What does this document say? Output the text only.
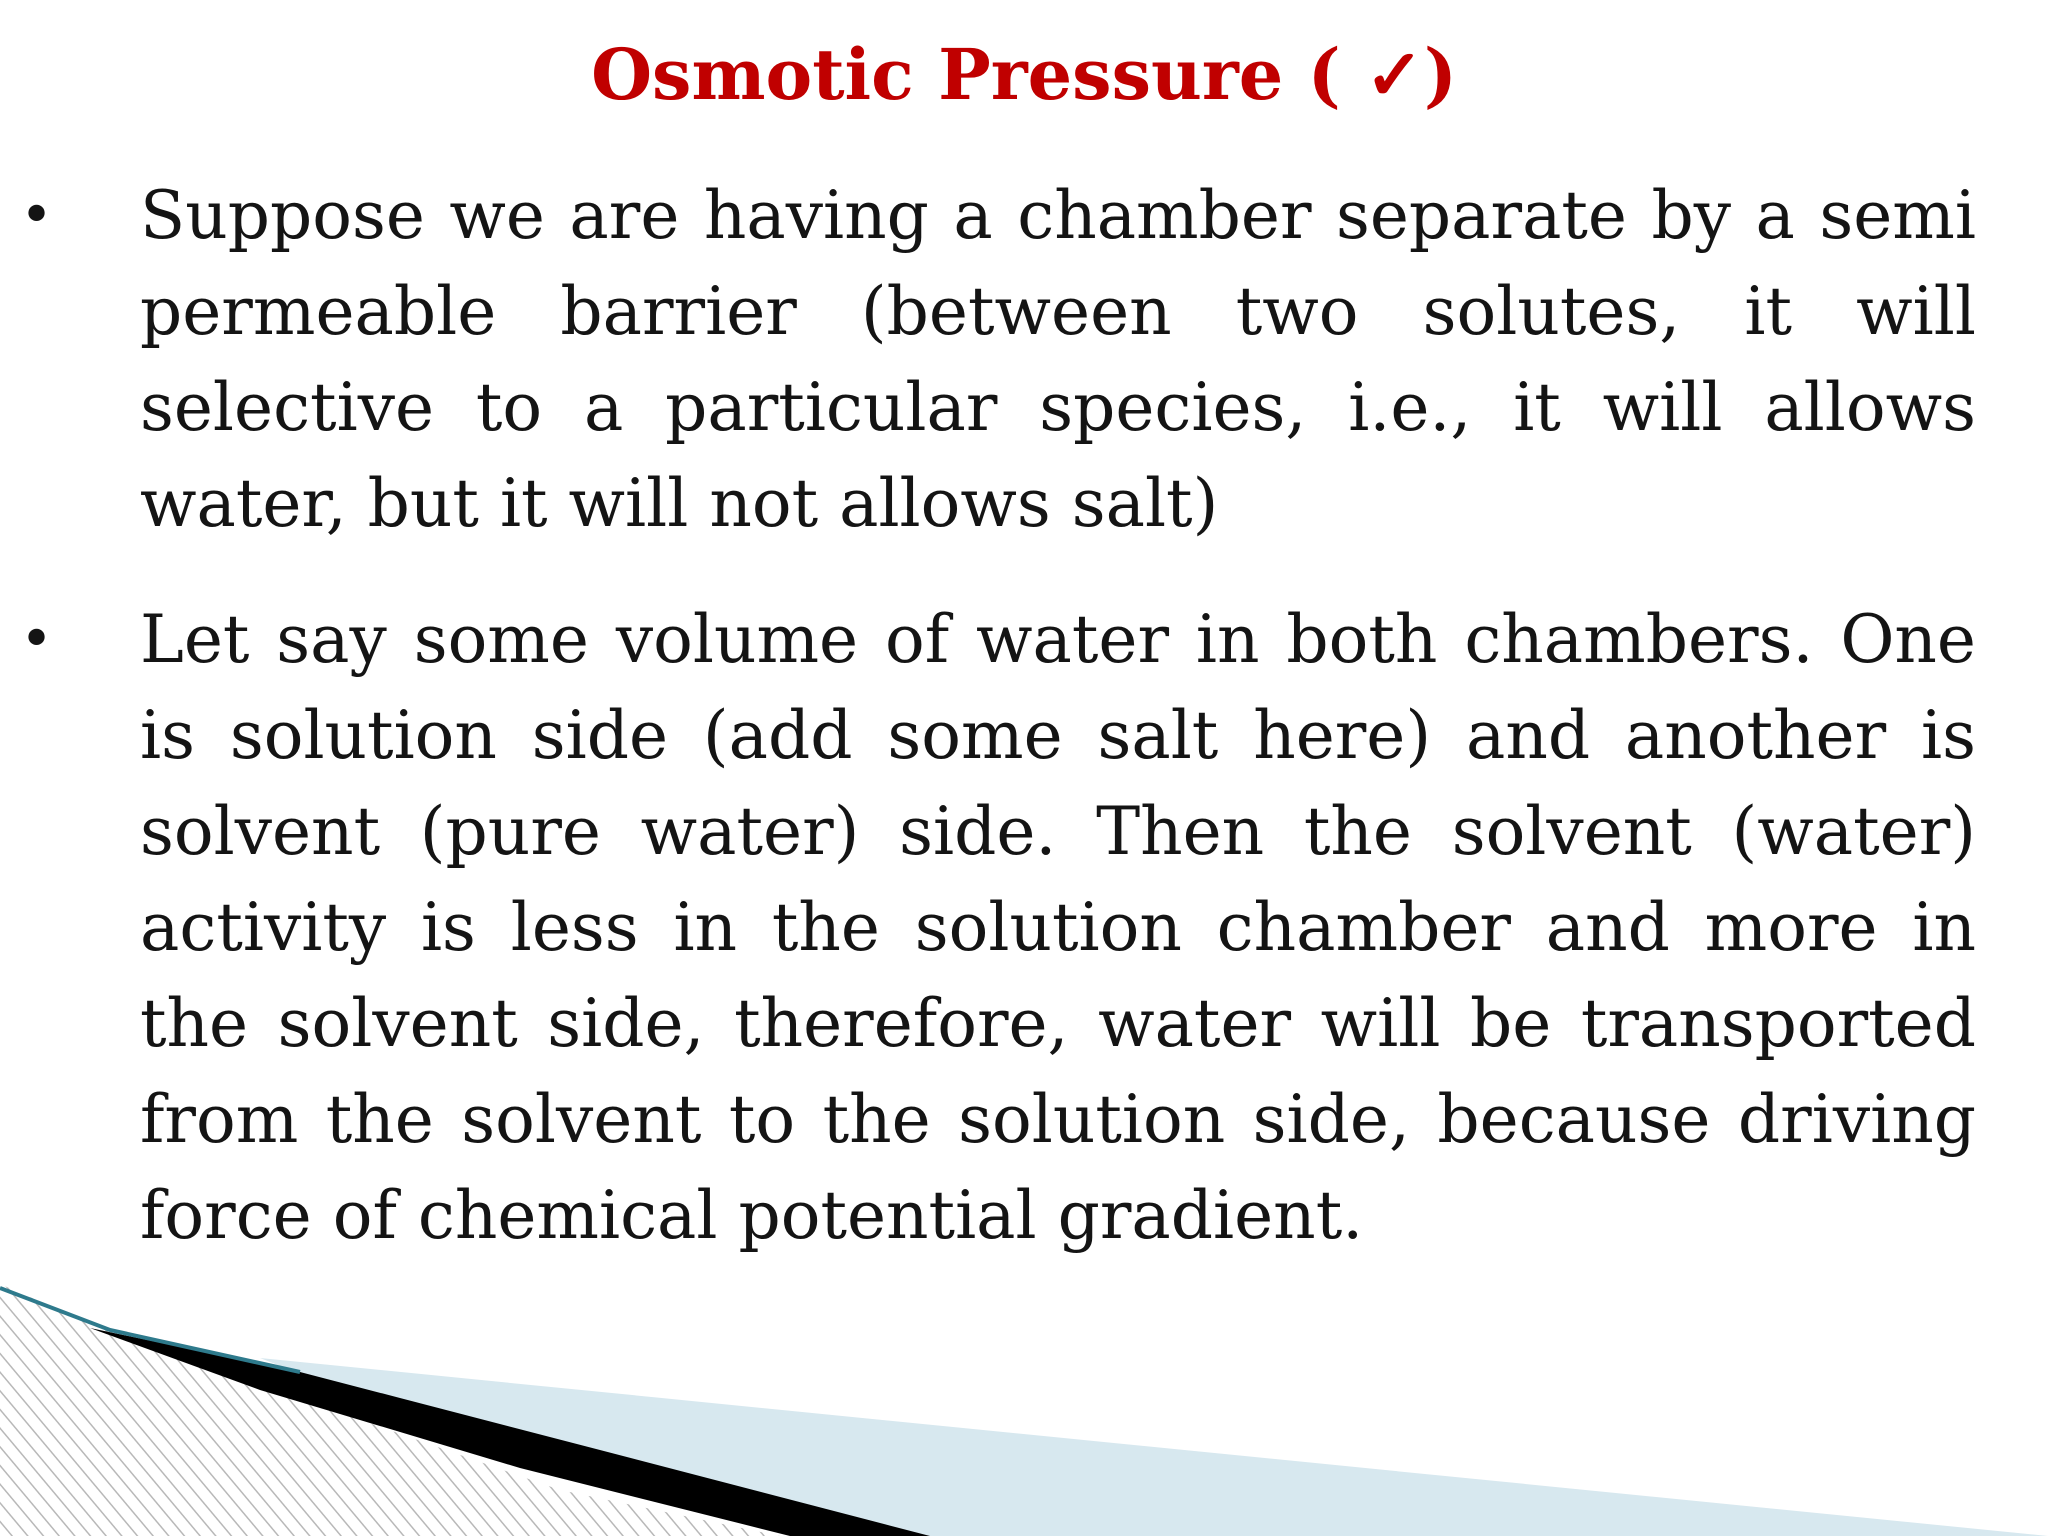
Osmotic Pressure ( ✓)
• Suppose we are having a chamber separate by a semi permeable barrier (between two solutes, it will selective to a particular species, i.e., it will allows water, but it will not allows salt)

• Let say some volume of water in both chambers. One is solution side (add some salt here) and another is solvent (pure water) side. Then the solvent (water) activity is less in the solution chamber and more in the solvent side, therefore, water will be transported from the solvent to the solution side, because driving force of chemical potential gradient.
